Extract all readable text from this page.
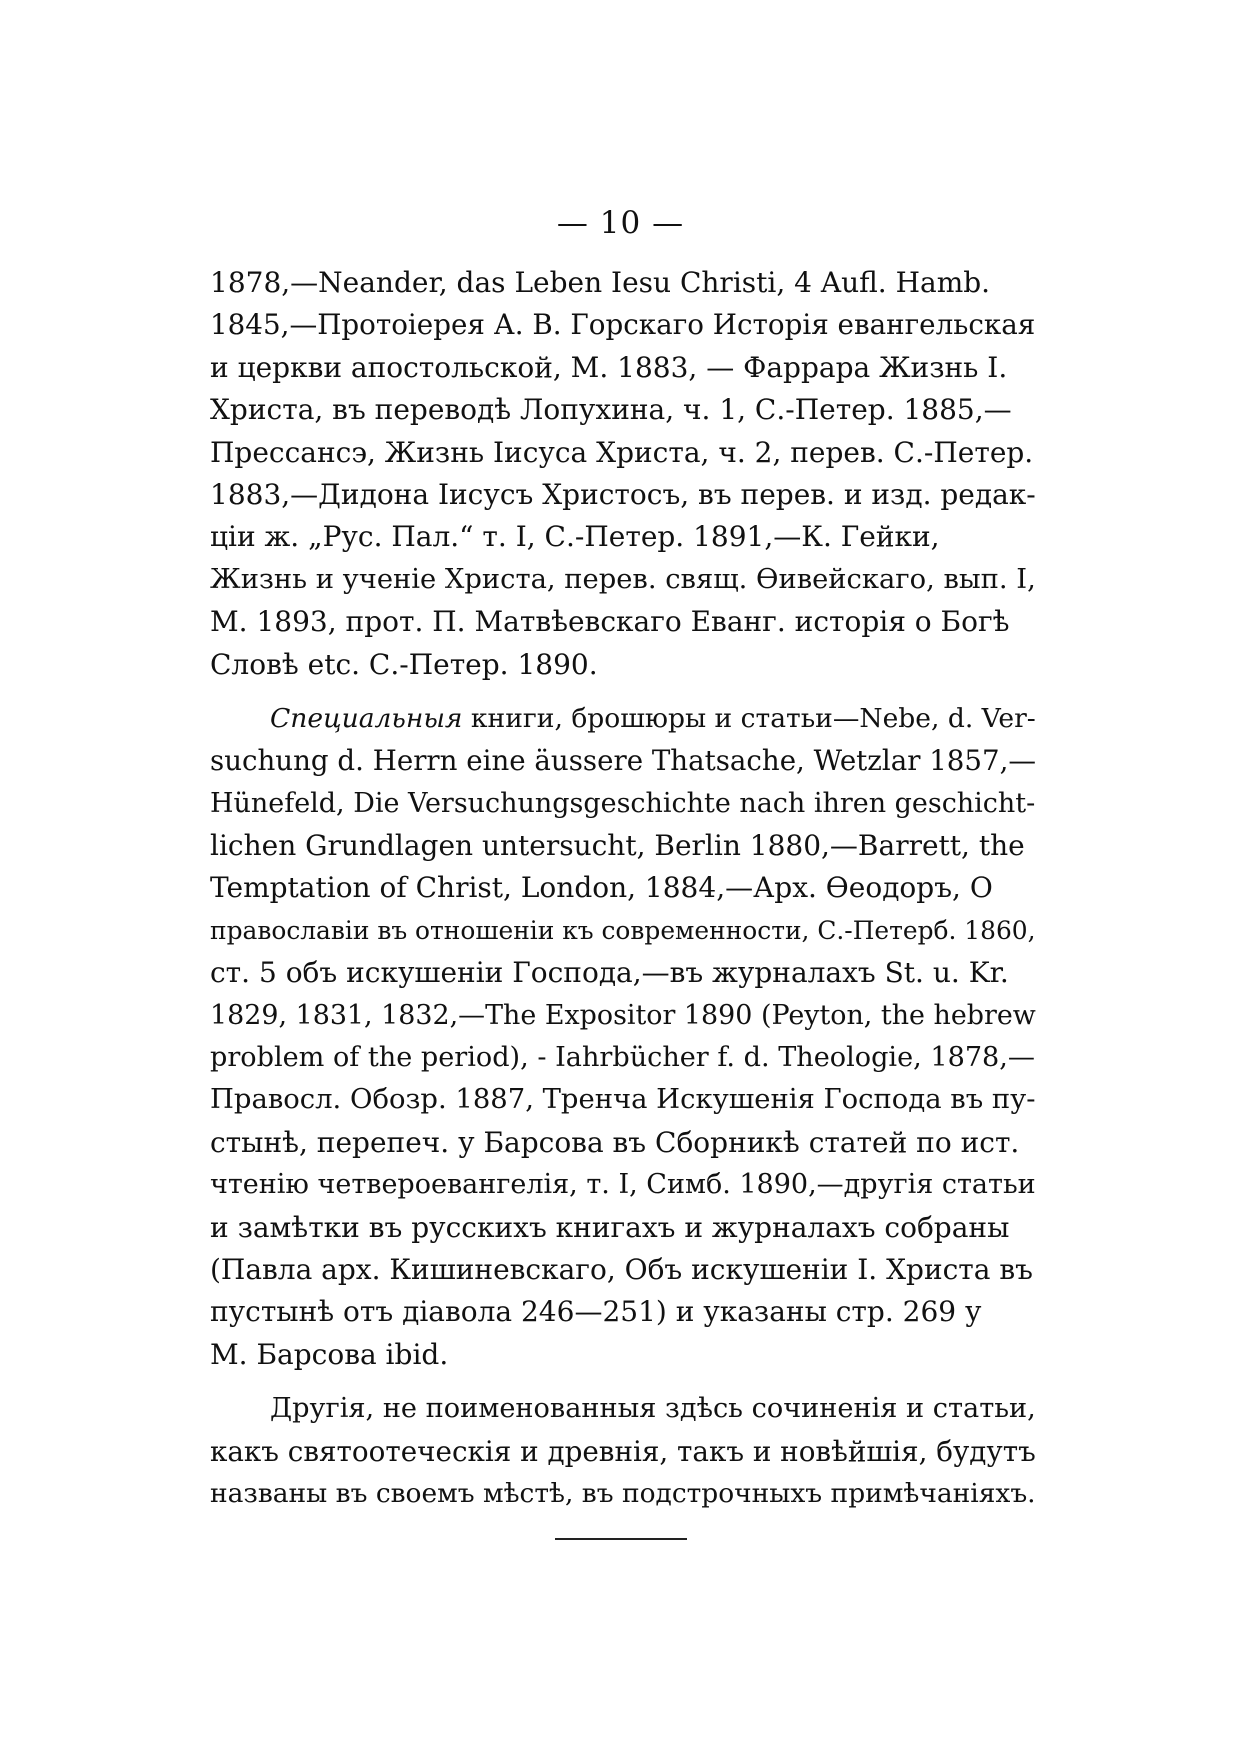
— 10 —
1878,—Neander, das Leben Iesu Christi, 4 Aufl. Hamb.
1845,—Протоiерея А. В. Горскаго Исторiя евангельская
и церкви апостольской, М. 1883, — Фаррара Жизнь I.
Христа, въ переводѣ Лопухина, ч. 1, С.-Петер. 1885,—
Прессансэ, Жизнь Iисуса Христа, ч. 2, перев. С.-Петер.
1883,—Дидона Iисусъ Христосъ, въ перев. и изд. редак-
цiи ж. „Рус. Пал.“ т. I, С.-Петер. 1891,—К. Гейки,
Жизнь и ученiе Христа, перев. свящ. Ѳивейскаго, вып. I,
М. 1893, прот. П. Матвѣевскаго Еванг. исторiя о Богѣ
Словѣ etc. С.-Петер. 1890.
Специальныя книги, брошюры и статьи—Nebe, d. Ver-
suchung d. Herrn eine äussere Thatsache, Wetzlar 1857,—
Hünefeld, Die Versuchungsgeschichte nach ihren geschicht-
lichen Grundlagen untersucht, Berlin 1880,—Barrett, the
Temptation of Christ, London, 1884,—Арх. Ѳеодоръ, О
православiи въ отношенiи къ современности, С.-Петерб. 1860,
ст. 5 объ искушенiи Господа,—въ журналахъ St. u. Kr.
1829, 1831, 1832,—The Expositor 1890 (Peyton, the hebrew
problem of the period), - Iahrbücher f. d. Theologie, 1878,—
Правосл. Обозр. 1887, Тренча Искушенiя Господа въ пу-
стынѣ, перепеч. у Барсова въ Сборникѣ статей по ист.
чтенiю четвероевангелiя, т. I, Симб. 1890,—другiя статьи
и замѣтки въ русскихъ книгахъ и журналахъ собраны
(Павла арх. Кишиневскаго, Объ искушенiи I. Христа въ
пустынѣ отъ дiавола 246—251) и указаны стр. 269 у
М. Барсова ibid.
Другiя, не поименованныя здѣсь сочиненiя и статьи,
какъ святоотеческiя и древнiя, такъ и новѣйшiя, будутъ
названы въ своемъ мѣстѣ, въ подстрочныхъ примѣчанiяхъ.
